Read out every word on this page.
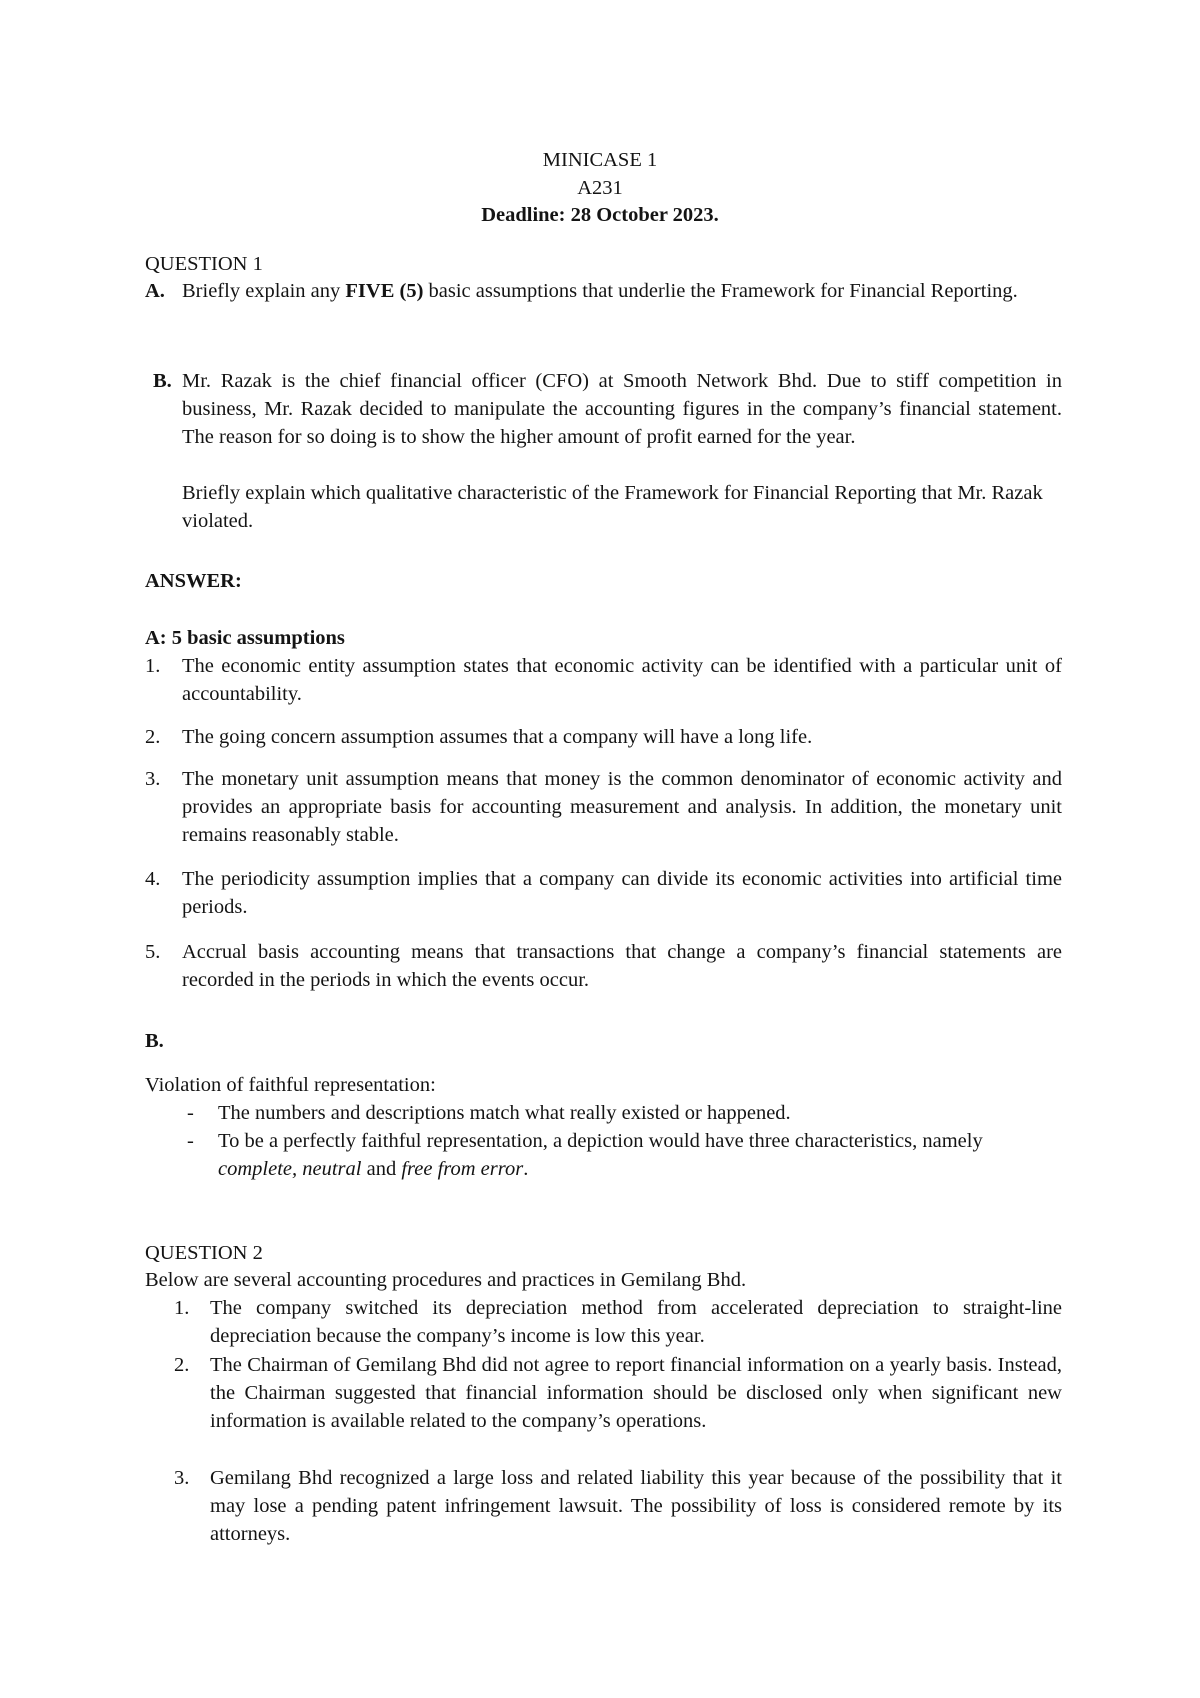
MINICASE 1

A231

Deadline: 28 October 2023.

QUESTION 1

A. Briefly explain any FIVE (5) basic assumptions that underlie the Framework for Financial Reporting.

B. Mr. Razak is the chief financial officer (CFO) at Smooth Network Bhd. Due to stiff competition in business, Mr. Razak decided to manipulate the accounting figures in the company’s financial statement. The reason for so doing is to show the higher amount of profit earned for the year.

Briefly explain which qualitative characteristic of the Framework for Financial Reporting that Mr. Razak violated.

ANSWER:

A: 5 basic assumptions

1. The economic entity assumption states that economic activity can be identified with a particular unit of accountability.

2. The going concern assumption assumes that a company will have a long life.

3. The monetary unit assumption means that money is the common denominator of economic activity and provides an appropriate basis for accounting measurement and analysis. In addition, the monetary unit remains reasonably stable.

4. The periodicity assumption implies that a company can divide its economic activities into artificial time periods.

5. Accrual basis accounting means that transactions that change a company’s financial statements are recorded in the periods in which the events occur.

B.

Violation of faithful representation:

- The numbers and descriptions match what really existed or happened.

- To be a perfectly faithful representation, a depiction would have three characteristics, namely complete, neutral and free from error.

QUESTION 2

Below are several accounting procedures and practices in Gemilang Bhd.

1. The company switched its depreciation method from accelerated depreciation to straight-line depreciation because the company’s income is low this year.

2. The Chairman of Gemilang Bhd did not agree to report financial information on a yearly basis. Instead, the Chairman suggested that financial information should be disclosed only when significant new information is available related to the company’s operations.

3. Gemilang Bhd recognized a large loss and related liability this year because of the possibility that it may lose a pending patent infringement lawsuit. The possibility of loss is considered remote by its attorneys.
